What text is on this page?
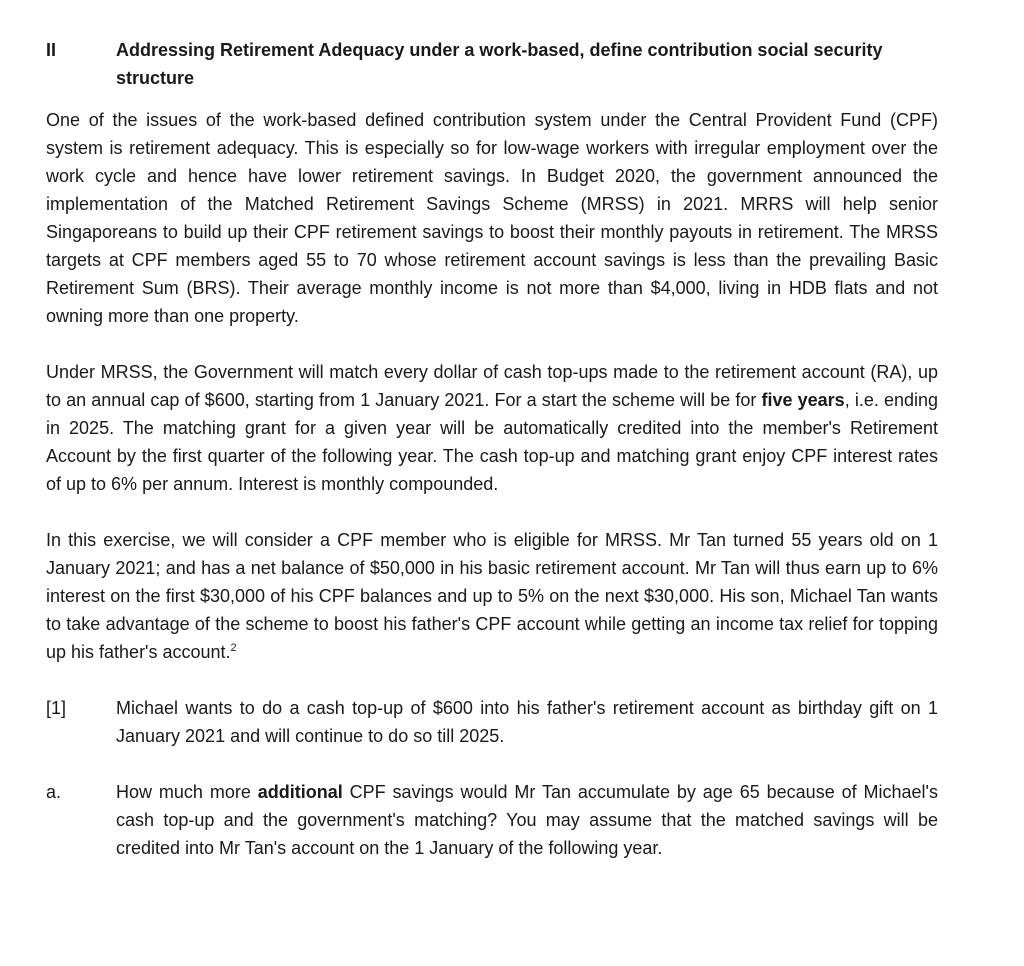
II	Addressing Retirement Adequacy under a work-based, define contribution social security structure

One of the issues of the work-based defined contribution system under the Central Provident Fund (CPF) system is retirement adequacy. This is especially so for low-wage workers with irregular employment over the work cycle and hence have lower retirement savings. In Budget 2020, the government announced the implementation of the Matched Retirement Savings Scheme (MRSS) in 2021. MRRS will help senior Singaporeans to build up their CPF retirement savings to boost their monthly payouts in retirement. The MRSS targets at CPF members aged 55 to 70 whose retirement account savings is less than the prevailing Basic Retirement Sum (BRS). Their average monthly income is not more than $4,000, living in HDB flats and not owning more than one property.

Under MRSS, the Government will match every dollar of cash top-ups made to the retirement account (RA), up to an annual cap of $600, starting from 1 January 2021. For a start the scheme will be for five years, i.e. ending in 2025. The matching grant for a given year will be automatically credited into the member's Retirement Account by the first quarter of the following year. The cash top-up and matching grant enjoy CPF interest rates of up to 6% per annum. Interest is monthly compounded.

In this exercise, we will consider a CPF member who is eligible for MRSS. Mr Tan turned 55 years old on 1 January 2021; and has a net balance of $50,000 in his basic retirement account. Mr Tan will thus earn up to 6% interest on the first $30,000 of his CPF balances and up to 5% on the next $30,000. His son, Michael Tan wants to take advantage of the scheme to boost his father's CPF account while getting an income tax relief for topping up his father's account.$^2$

[1]	Michael wants to do a cash top-up of $600 into his father's retirement account as birthday gift on 1 January 2021 and will continue to do so till 2025.
a.	How much more additional CPF savings would Mr Tan accumulate by age 65 because of Michael's cash top-up and the government's matching? You may assume that the matched savings will be credited into Mr Tan's account on the 1 January of the following year.
